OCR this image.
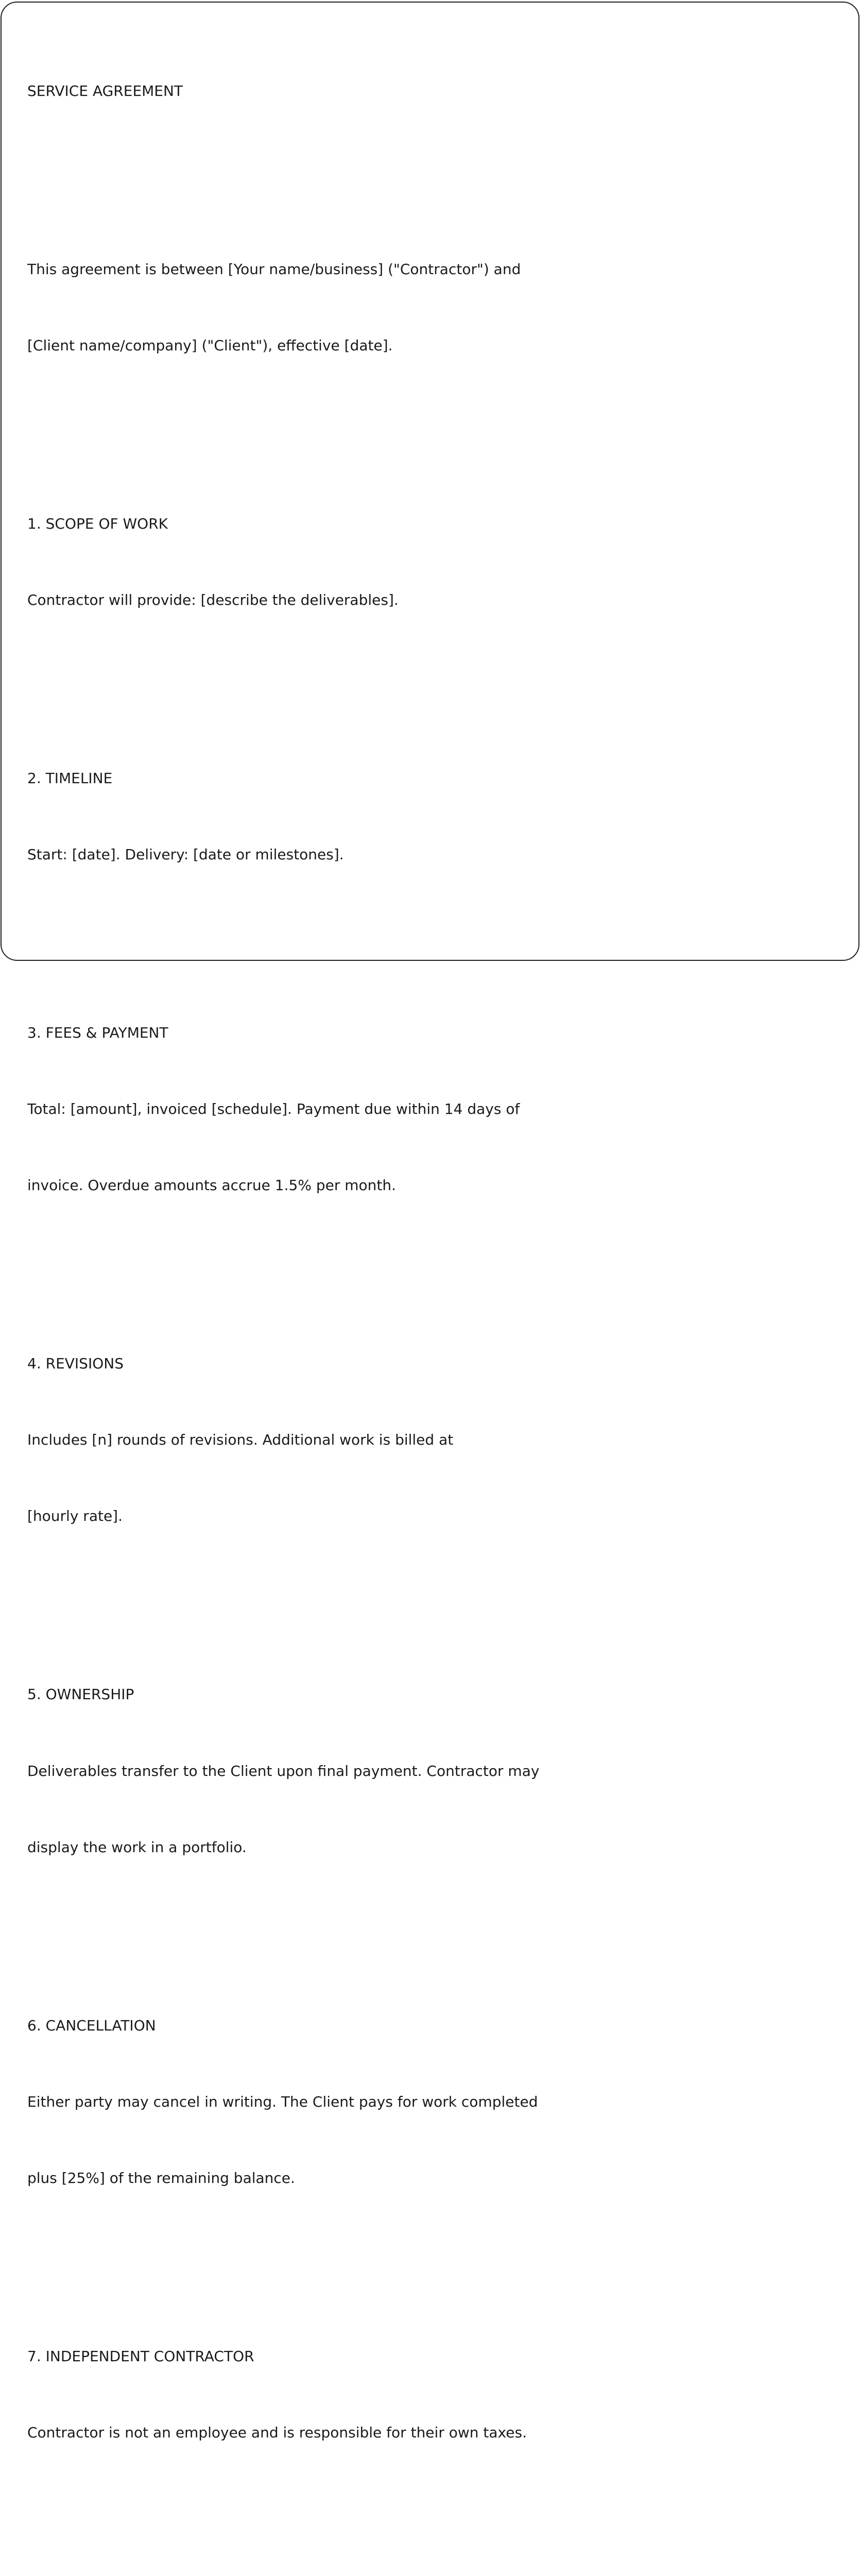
SERVICE AGREEMENT

This agreement is between [Your name/business] ("Contractor") and

[Client name/company] ("Client"), effective [date].

1. SCOPE OF WORK

Contractor will provide: [describe the deliverables].

2. TIMELINE

Start: [date]. Delivery: [date or milestones].

3. FEES & PAYMENT

Total: [amount], invoiced [schedule]. Payment due within 14 days of

invoice. Overdue amounts accrue 1.5% per month.

4. REVISIONS

Includes [n] rounds of revisions. Additional work is billed at

[hourly rate].

5. OWNERSHIP

Deliverables transfer to the Client upon final payment. Contractor may

display the work in a portfolio.

6. CANCELLATION

Either party may cancel in writing. The Client pays for work completed

plus [25%] of the remaining balance.

7. INDEPENDENT CONTRACTOR

Contractor is not an employee and is responsible for their own taxes.
